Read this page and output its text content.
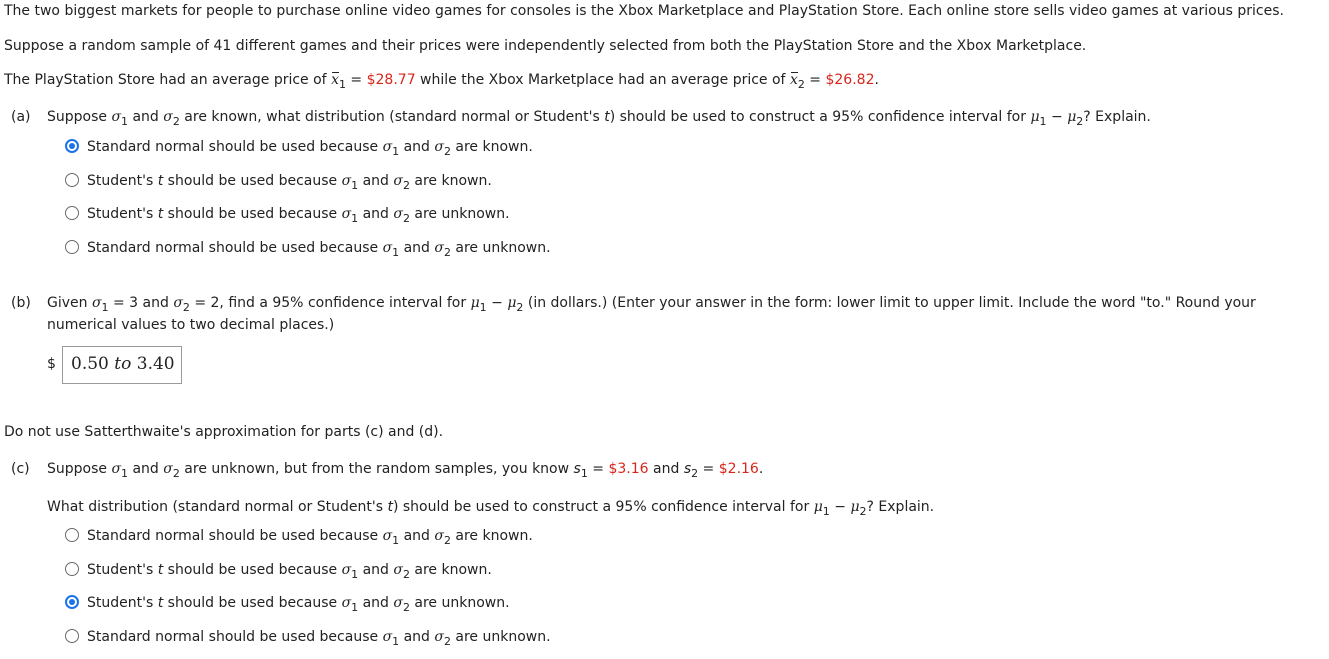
The two biggest markets for people to purchase online video games for consoles is the Xbox Marketplace and PlayStation Store. Each online store sells video games at various prices.
Suppose a random sample of 41 different games and their prices were independently selected from both the PlayStation Store and the Xbox Marketplace.
The PlayStation Store had an average price of $x_1$ = $28.77 while the Xbox Marketplace had an average price of $x_2$ = $26.82.
(a) Suppose $\sigma_1$ and $\sigma_2$ are known, what distribution (standard normal or Student's t) should be used to construct a 95% confidence interval for $\mu_1 - \mu_2$? Explain.
Standard normal should be used because $\sigma_1$ and $\sigma_2$ are known.
Student's t should be used because $\sigma_1$ and $\sigma_2$ are known.
Student's t should be used because $\sigma_1$ and $\sigma_2$ are unknown.
Standard normal should be used because $\sigma_1$ and $\sigma_2$ are unknown.
(b) Given $\sigma_1 = 3$ and $\sigma_2 = 2$, find a 95% confidence interval for $\mu_1 - \mu_2$ (in dollars.) (Enter your answer in the form: lower limit to upper limit. Include the word "to." Round your
numerical values to two decimal places.)
$ 0.50 to 3.40
Do not use Satterthwaite's approximation for parts (c) and (d).
(c) Suppose $\sigma_1$ and $\sigma_2$ are unknown, but from the random samples, you know $s_1$ = $3.16 and $s_2$ = $2.16.
What distribution (standard normal or Student's t) should be used to construct a 95% confidence interval for $\mu_1 - \mu_2$? Explain.
Standard normal should be used because $\sigma_1$ and $\sigma_2$ are known.
Student's t should be used because $\sigma_1$ and $\sigma_2$ are known.
Student's t should be used because $\sigma_1$ and $\sigma_2$ are unknown.
Standard normal should be used because $\sigma_1$ and $\sigma_2$ are unknown.
